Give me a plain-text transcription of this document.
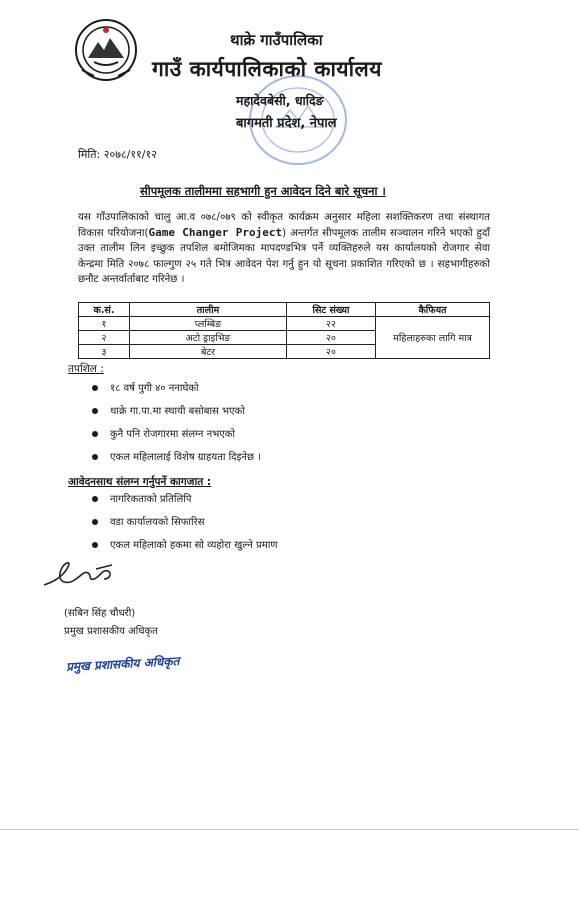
थाक्रे गाउँपालिका
गाउँ कार्यपालिकाको कार्यालय
महादेवबेसी, धादिङ
बागमती प्रदेश, नेपाल
मिति: २०७८/११/१२
सीपमूलक तालीममा सहभागी हुन आवेदन दिने बारे सूचना ।
यस गाँउपालिकाको चालु आ.व ०७८/०७९ को स्वीकृत कार्यक्रम अनुसार महिला सशक्तिकरण तथा संस्थागत विकास परियोजना(Game Changer Project) अन्तर्गत सीपमूलक तालीम सञ्चालन गरिने भएको हुदाँ उक्त तालीम लिन इच्छुक तपशिल बमोजिमका मापदण्डभित्र पर्ने व्यक्तिहरुले यस कार्यालयको रोजगार सेवा केन्द्रमा मिति २०७८ फाल्गुण २५ गते भित्र आवेदन पेश गर्नु हुन यो सूचना प्रकाशित गरिएको छ । सहभागीहरुको छनौट अन्तर्वार्ताबाट गरिनेछ ।
क.सं.	तालीम	सिट संख्या	कैफियत
१	प्लम्बिङ	२२	महिलाहरुका लागि मात्र
२	अटो ड्राइभिङ	२०	
३	बेटर	२०	
तपशिल :
१८ वर्ष पुगी ४० ननाघेको
थाक्रे गा.पा.मा स्थायी बसोबास भएको
कुनै पनि रोजगारमा संलग्न नभएको
एकल महिलालाई विशेष ग्राहयता दिइनेछ ।
आवेदनसाथ संलग्न गर्नुपर्ने कागजात :
नागरिकताको प्रतिलिपि
वडा कार्यालयको सिफारिस
एकल महिलाको हकमा सो व्यहोरा खुल्ने प्रमाण
(सबिन सिंह चौधरी)
प्रमुख प्रशासकीय अधिकृत
प्रमुख प्रशासकीय अधिकृत
